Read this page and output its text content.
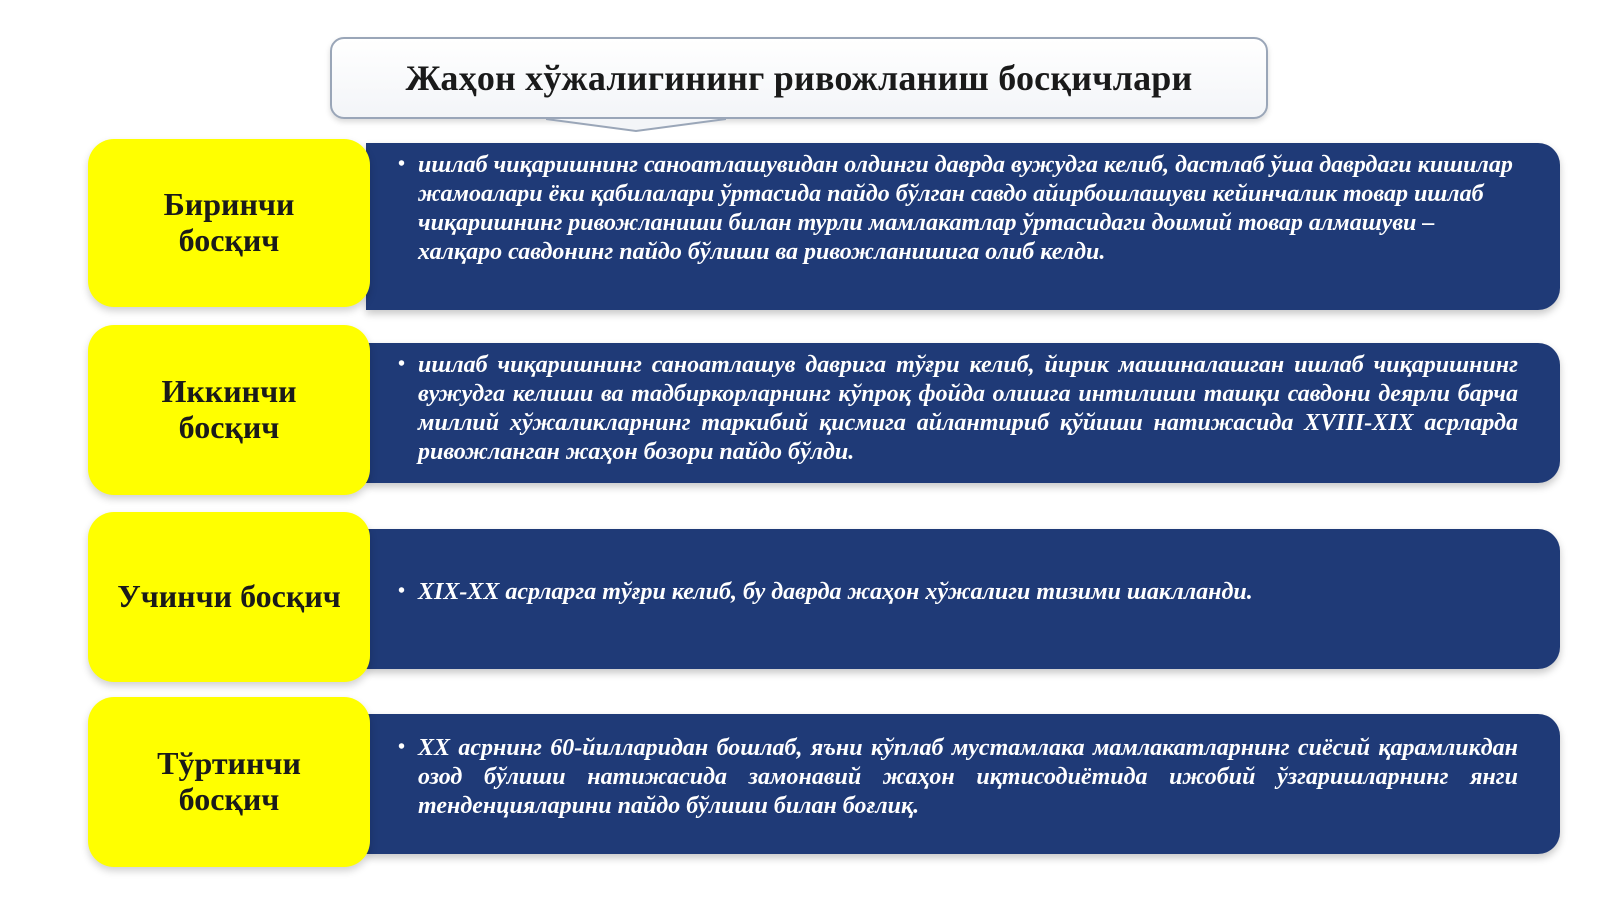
Жаҳон хўжалигининг ривожланиш босқичлари
Биринчи
босқич
• ишлаб чиқаришнинг саноатлашувидан олдинги даврда вужудга келиб, дастлаб ўша даврдаги кишилар жамоалари ёки қабилалари ўртасида пайдо бўлган савдо айирбошлашуви кейинчалик товар ишлаб чиқаришнинг ривожланиши билан турли мамлакатлар ўртасидаги доимий товар алмашуви – халқаро савдонинг пайдо бўлиши ва ривожланишига олиб келди.
Иккинчи
босқич
• ишлаб чиқаришнинг саноатлашув даврига тўғри келиб, йирик машиналашган ишлаб чиқаришнинг вужудга келиши ва тадбиркорларнинг кўпроқ фойда олишга интилиши ташқи савдони деярли барча миллий хўжаликларнинг таркибий қисмига айлантириб қўйиши натижасида XVIII-XIX асрларда ривожланган жаҳон бозори пайдо бўлди.
Учинчи босқич	• XIX-XX асрларга тўғри келиб, бу даврда жаҳон хўжалиги тизими шаклланди.
Тўртинчи
босқич
• XX асрнинг 60-йилларидан бошлаб, яъни кўплаб мустамлака мамлакатларнинг сиёсий қарамликдан озод бўлиши натижасида замонавий жаҳон иқтисодиётида ижобий ўзгаришларнинг янги тенденцияларини пайдо бўлиши билан боғлиқ.
